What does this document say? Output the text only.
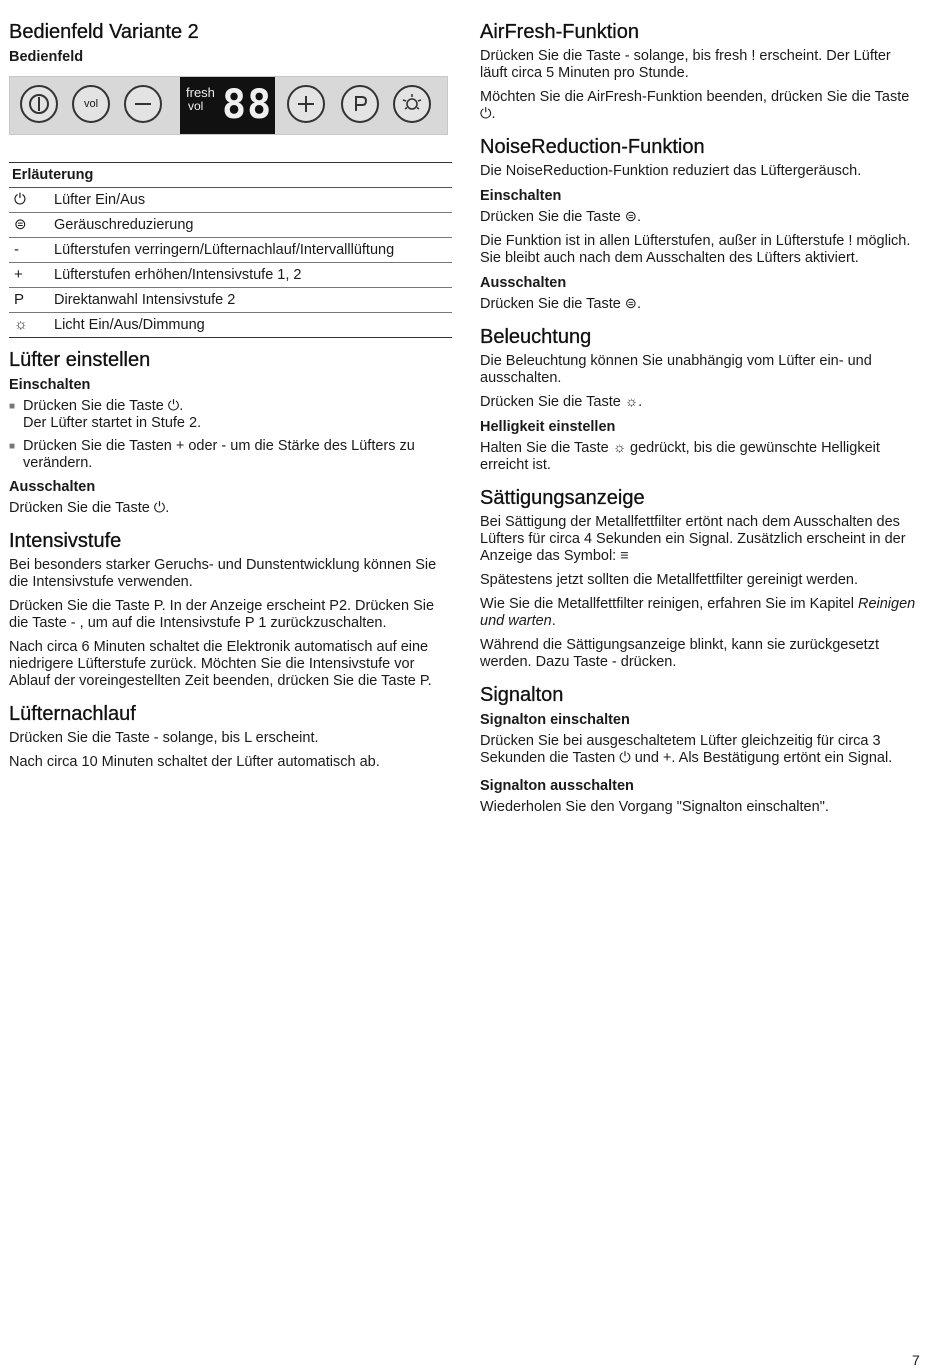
Bedienfeld Variante 2
Bedienfeld
vol
fresh
vol 88
Erläuterung
⏻	Lüfter Ein/Aus
⊜	Geräuschreduzierung
-	Lüfterstufen verringern/Lüfternachlauf/Intervalllüftung
+	Lüfterstufen erhöhen/Intensivstufe 1, 2
P	Direktanwahl Intensivstufe 2
☼	Licht Ein/Aus/Dimmung
Lüfter einstellen
Einschalten
■ Drücken Sie die Taste ⏻.
Der Lüfter startet in Stufe 2.
■ Drücken Sie die Tasten + oder - um die Stärke des Lüfters zu verändern.
Ausschalten

Drücken Sie die Taste ⏻.

Intensivstufe

Bei besonders starker Geruchs- und Dunstentwicklung können Sie die Intensivstufe verwenden.

Drücken Sie die Taste P. In der Anzeige erscheint P2. Drücken Sie die Taste - , um auf die Intensivstufe P 1 zurückzuschalten.

Nach circa 6 Minuten schaltet die Elektronik automatisch auf eine niedrigere Lüfterstufe zurück. Möchten Sie die Intensivstufe vor Ablauf der voreingestellten Zeit beenden, drücken Sie die Taste P.

Lüfternachlauf

Drücken Sie die Taste - solange, bis L erscheint.

Nach circa 10 Minuten schaltet der Lüfter automatisch ab.

AirFresh-Funktion

Drücken Sie die Taste - solange, bis fresh ! erscheint. Der Lüfter läuft circa 5 Minuten pro Stunde.

Möchten Sie die AirFresh-Funktion beenden, drücken Sie die Taste ⏻.

NoiseReduction-Funktion

Die NoiseReduction-Funktion reduziert das Lüftergeräusch.

Einschalten

Drücken Sie die Taste ⊜.

Die Funktion ist in allen Lüfterstufen, außer in Lüfterstufe ! möglich. Sie bleibt auch nach dem Ausschalten des Lüfters aktiviert.

Ausschalten

Drücken Sie die Taste ⊜.

Beleuchtung

Die Beleuchtung können Sie unabhängig vom Lüfter ein- und ausschalten.

Drücken Sie die Taste ☼.

Helligkeit einstellen

Halten Sie die Taste ☼ gedrückt, bis die gewünschte Helligkeit erreicht ist.

Sättigungsanzeige

Bei Sättigung der Metallfettfilter ertönt nach dem Ausschalten des Lüfters für circa 4 Sekunden ein Signal. Zusätzlich erscheint in der Anzeige das Symbol: ≡

Spätestens jetzt sollten die Metallfettfilter gereinigt werden.

Wie Sie die Metallfettfilter reinigen, erfahren Sie im Kapitel Reinigen und warten.

Während die Sättigungsanzeige blinkt, kann sie zurückgesetzt werden. Dazu Taste - drücken.

Signalton
Signalton einschalten

Drücken Sie bei ausgeschaltetem Lüfter gleichzeitig für circa 3 Sekunden die Tasten ⏻ und +. Als Bestätigung ertönt ein Signal.

Signalton ausschalten

Wiederholen Sie den Vorgang "Signalton einschalten".

7
